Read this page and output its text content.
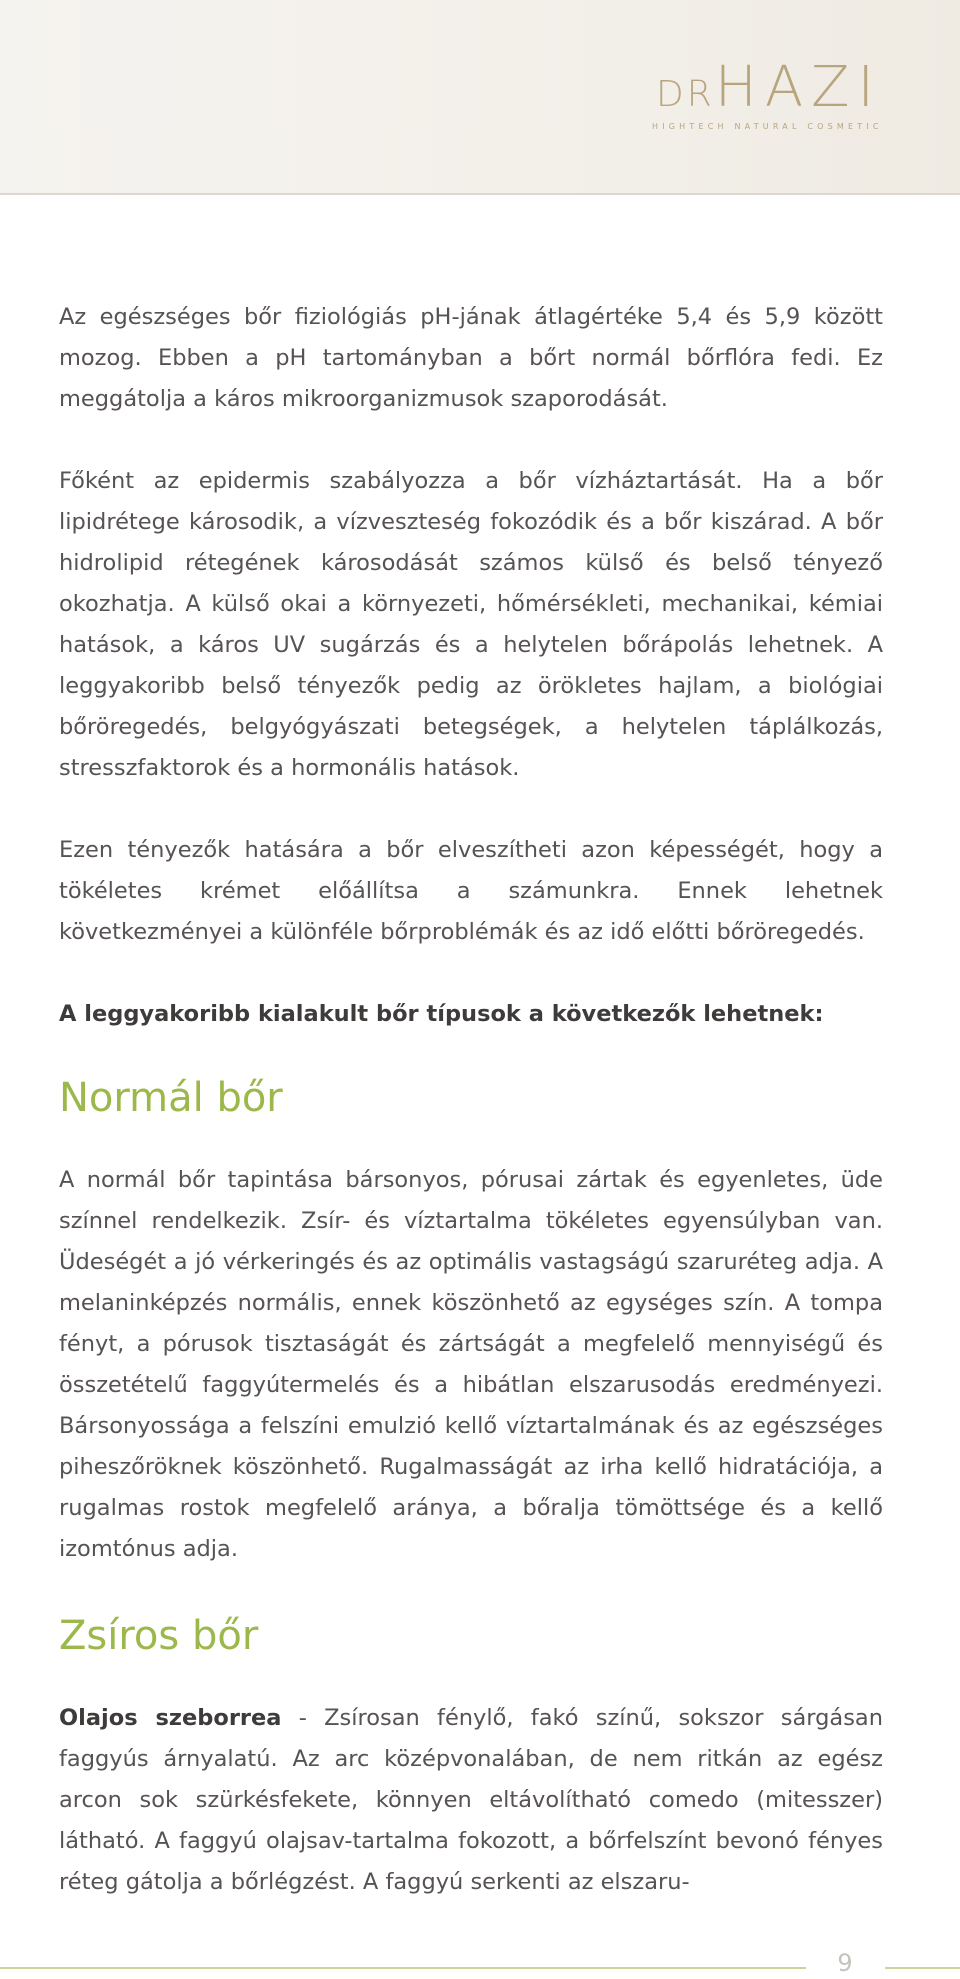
DRHAZI
HIGHTECH NATURAL COSMETIC

Az egészséges bőr fiziológiás pH-jának átlagértéke 5,4 és 5,9 között mozog. Ebben a pH tartományban a bőrt normál bőrflóra fedi. Ez meggátolja a káros mikroorganizmusok szaporodását.

Főként az epidermis szabályozza a bőr vízháztartását. Ha a bőr lipidrétege károsodik, a vízveszteség fokozódik és a bőr kiszárad. A bőr hidrolipid rétegének károsodását számos külső és belső tényező okozhatja. A külső okai a környezeti, hőmérsékleti, mechanikai, kémiai hatások, a káros UV sugárzás és a helytelen bőrápolás lehetnek. A leggyakoribb belső tényezők pedig az örökletes hajlam, a biológiai bőröregedés, belgyógyászati betegségek, a helytelen táplálkozás, stresszfaktorok és a hormonális hatások.

Ezen tényezők hatására a bőr elveszítheti azon képességét, hogy a tökéletes krémet előállítsa a számunkra. Ennek lehetnek következményei a különféle bőrproblémák és az idő előtti bőröregedés.

A leggyakoribb kialakult bőr típusok a következők lehetnek:

Normál bőr

A normál bőr tapintása bársonyos, pórusai zártak és egyenletes, üde színnel rendelkezik. Zsír- és víztartalma tökéletes egyensúlyban van. Üdeségét a jó vérkeringés és az optimális vastagságú szaruréteg adja. A melaninképzés normális, ennek köszönhető az egységes szín. A tompa fényt, a pórusok tisztaságát és zártságát a megfelelő mennyiségű és összetételű faggyútermelés és a hibátlan elszarusodás eredményezi. Bársonyossága a felszíni emulzió kellő víztartalmának és az egészséges piheszőröknek köszönhető. Rugalmasságát az irha kellő hidratációja, a rugalmas rostok megfelelő aránya, a bőralja tömöttsége és a kellő izomtónus adja.

Zsíros bőr

Olajos szeborrea - Zsírosan fénylő, fakó színű, sokszor sárgásan faggyús árnyalatú. Az arc középvonalában, de nem ritkán az egész arcon sok szürkésfekete, könnyen eltávolítható comedo (mitesszer) látható. A faggyú olajsav-tartalma fokozott, a bőrfelszínt bevonó fényes réteg gátolja a bőrlégzést. A faggyú serkenti az elszaru-

9
